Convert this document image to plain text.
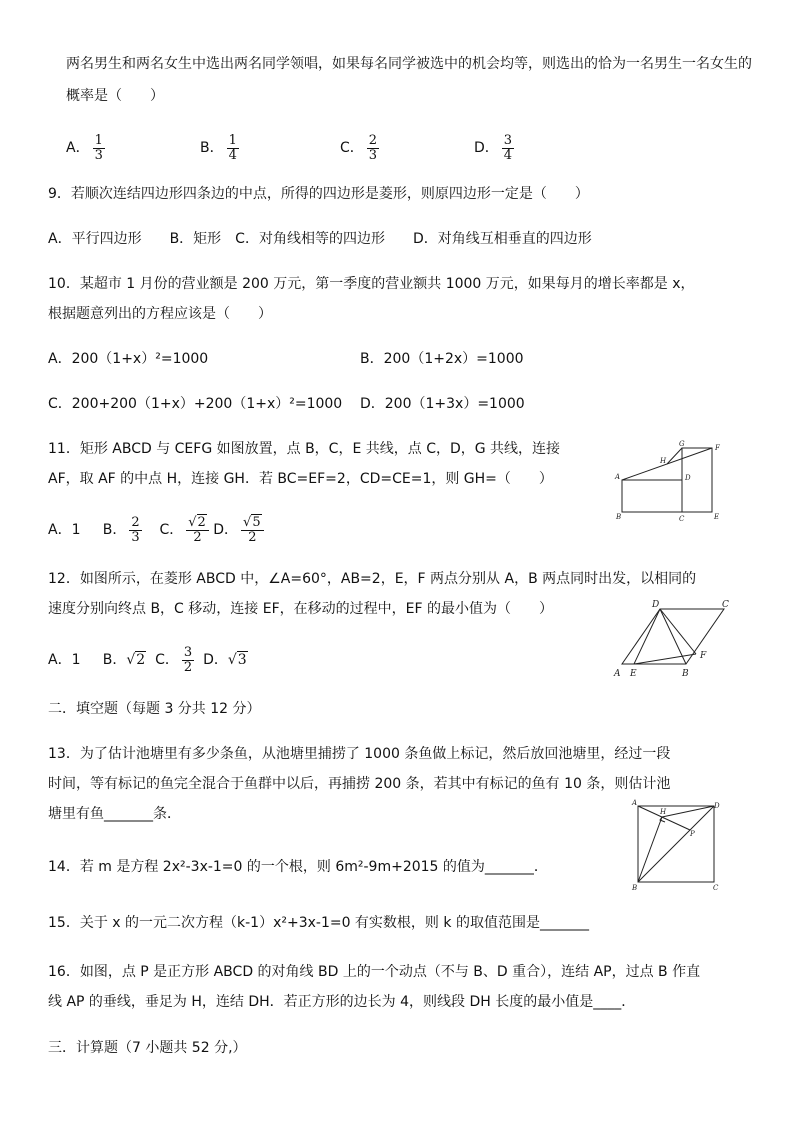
两名男生和两名女生中选出两名同学领唱，如果每名同学被选中的机会均等，则选出的恰为一名男生一名女生的
概率是（　　）
A． $\frac{1}{3}$	B． $\frac{1}{4}$	C． $\frac{2}{3}$	D． $\frac{3}{4}$
9．若顺次连结四边形四条边的中点，所得的四边形是菱形，则原四边形一定是（　　）
A．平行四边形　　B．矩形　C．对角线相等的四边形　　D．对角线互相垂直的四边形
10．某超市 1 月份的营业额是 200 万元，第一季度的营业额共 1000 万元，如果每月的增长率都是 x，
根据题意列出的方程应该是（　　）
A．200（1+x）²=1000	B．200（1+2x）=1000
C．200+200（1+x）+200（1+x）²=1000 D．200（1+3x）=1000
11．矩形 ABCD 与 CEFG 如图放置，点 B，C，E 共线，点 C，D，G 共线，连接
AF，取 AF 的中点 H，连接 GH．若 BC=EF=2，CD=CE=1，则 GH=（　　）
A．1 B． $\frac{2}{3}$ C． $\frac{√2}{2}$ D． $\frac{√5}{2}$
A
B	C
D
E
F
G
H
12．如图所示，在菱形 ABCD 中，∠A=60°，AB=2，E，F 两点分别从 A，B 两点同时出发，以相同的
速度分别向终点 B，C 移动，连接 EF，在移动的过程中，EF 的最小值为（　　）
A．1 B．√2 C． $\frac{3}{2}$ D．√3
A E	B
F
C
D
二．填空题（每题 3 分共 12 分）
13．为了估计池塘里有多少条鱼，从池塘里捕捞了 1000 条鱼做上标记，然后放回池塘里，经过一段
时间，等有标记的鱼完全混合于鱼群中以后，再捕捞 200 条，若其中有标记的鱼有 10 条，则估计池
塘里有鱼_______条．
A
B	C
D
H
P
14．若 m 是方程 2x²-3x-1=0 的一个根，则 6m²-9m+2015 的值为_______．
15．关于 x 的一元二次方程（k-1）x²+3x-1=0 有实数根，则 k 的取值范围是_______
16．如图，点 P 是正方形 ABCD 的对角线 BD 上的一个动点（不与 B、D 重合），连结 AP，过点 B 作直
线 AP 的垂线，垂足为 H，连结 DH．若正方形的边长为 4，则线段 DH 长度的最小值是____．
三．计算题（7 小题共 52 分,）
